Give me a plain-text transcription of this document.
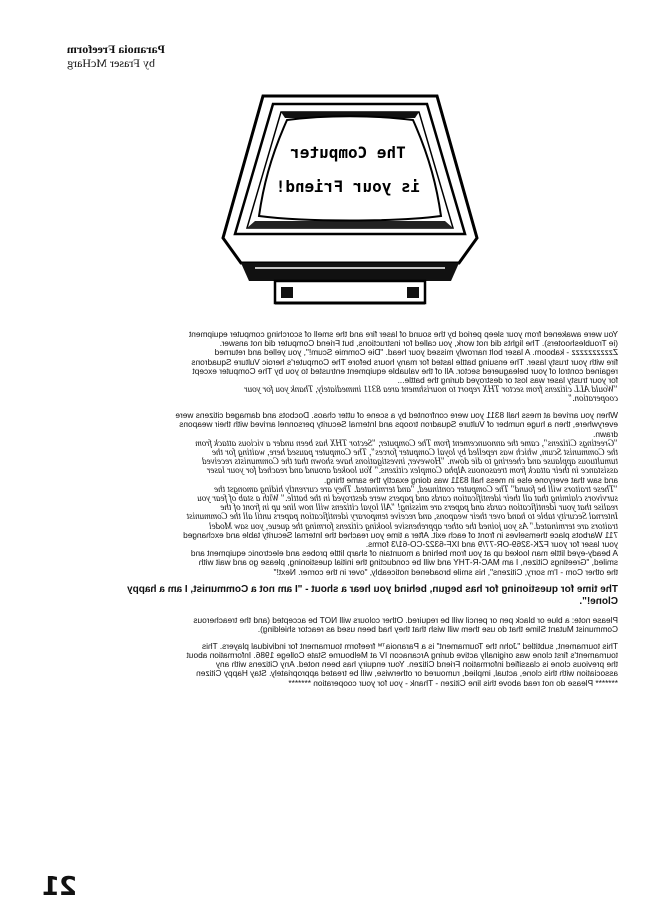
Paranoia Freeform
by Fraser McHarg
The Computer
is your Friend!

You were awakened from your sleep period by the sound of laser fire and the smell of scorching computer equipment
(ie Troubleshooters). The lights did not work, you called for instructions, but Friend Computer did not answer.
Zzzzzzzzzzz - kaboom. A laser bolt narrowly missed your head. "Die Commie Scum!", you yelled and returned
fire with your trusty laser. The ensuing battle lasted for many hours before The Computer's heroic Vulture Squadrons
regained control of your beleaguered sector. All of the valuable equipment entrusted to you by The Computer except
for your trusty laser was lost or destroyed during the battle...
"Would ALL citizens from sector THX report to nourishment area 8311 immediately, Thank you for your
cooperation."

When you arrived at mess hall 8311 you were confronted by a scene of utter chaos. Docbots and damaged citizens were
everywhere, then a huge number of Vulture Squadron troops and Internal Security personnel arrived with their weapons
drawn.
"Greetings Citizens", came the announcement from The Computer, "Sector THX has been under a vicious attack from
the Communist Scum, which was repelled by loyal Computer forces", The Computer paused here, waiting for the
tumultuous applause and cheering to die down. "However, investigations have shown that the Communists received
assistance in their attack from treasonous Alpha Complex citizens." You looked around and reached for your laser
and saw that everyone else in mess hall 8311 was doing exactly the same thing.
"These traitors will be found" The Computer continued, "and terminated. They are currently hiding amongst the
survivors claiming that all their identification cards and papers were destroyed in the battle." With a stab of fear you
realise that your identification cards and papers are missing! "All loyal citizens will now line up in front of the
Internal Security table to hand over their weapons, and receive temporary identification papers until all the Communist
traitors are terminated." As you joined the other apprehensive looking citizens forming the queue, you saw Model
711 Warbots place themselves in front of each exit. After a time you reached the Internal Security table and exchanged
your laser for your FZK-3269-OR-77/9 and IXF-6322-CO-61/3 forms.
A beady-eyed little man looked up at you from behind a mountain of sharp little probes and electronic equipment and
smiled, "Greetings Citizen, I am MAC-R-THY and will be conducting the initial questioning, please go and wait with
the other Com - I'm sorry, Citizens", his smile broadened noticeably, "over in the corner. Next!"

The time for questioning for has begun, behind you hear a shout - "I am not a Communist, I am a happy
Clone!".

Please note: a blue or black pen or pencil will be required. Other colours will NOT be accepted (and the treacherous
Communist Mutant Slime that do use them will wish that they had been used as reactor shielding).

This tournament, subtitled "John the Tournament" is a Paranoia™ freeform tournament for individual players. This
tournament's first clone was originally active during Arcanacon IV at Melbourne State College 1986. Information about
the previous clone is classified information Friend Citizen. Your enquiry has been noted. Any Citizens with any
association with this clone, actual, implied, rumoured or otherwise, will be treated appropriately. Stay Happy Citizen
******* Please do not read above this line Citizen - Thank - you for your cooperation *******

21
